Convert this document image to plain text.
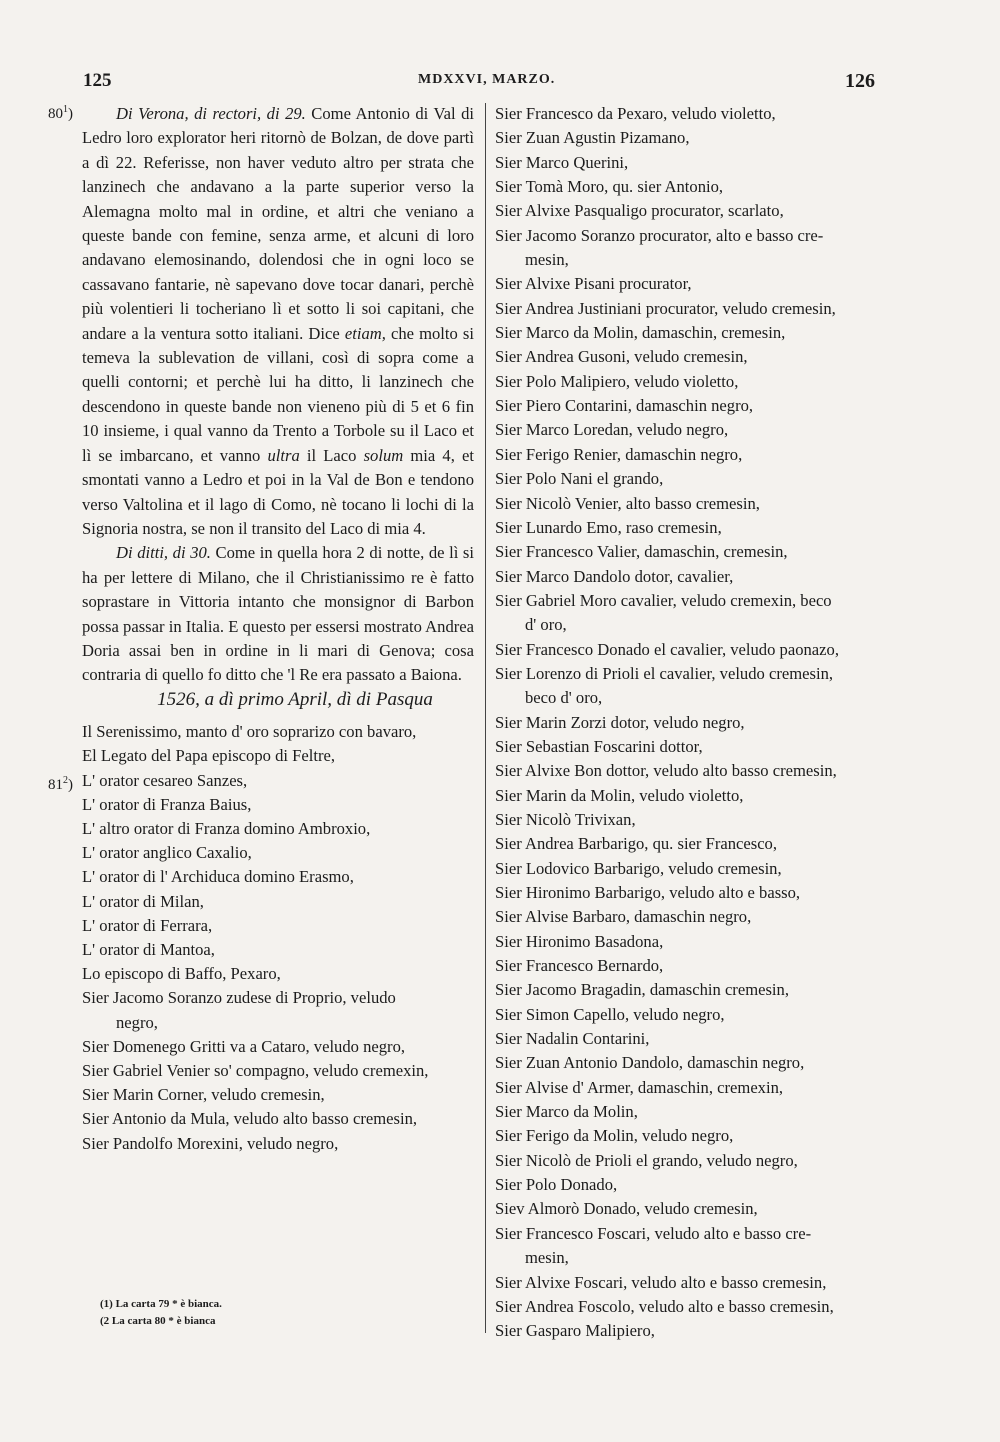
125	MDXXVI, MARZO.	126
$80^1$)
$81^2$)

Di Verona, di rectori, di 29. Come Antonio di Val di Ledro loro explorator heri ritornò de Bolzan, de dove partì a dì 22. Referisse, non haver veduto altro per strata che lanzinech che andavano a la parte superior verso la Alemagna molto mal in ordine, et altri che veniano a queste bande con femine, senza arme, et alcuni di loro andavano elemosinando, dolendosi che in ogni loco se cassavano fantarie, nè sapevano dove tocar danari, perchè più volentieri li tocheriano lì et sotto li soi capitani, che andare a la ventura sotto italiani. Dice etiam, che molto si temeva la sublevation de villani, così di sopra come a quelli contorni; et perchè lui ha ditto, li lanzinech che descendono in queste bande non vieneno più di 5 et 6 fin 10 insieme, i qual vanno da Trento a Torbole su il Laco et lì se imbarcano, et vanno ultra il Laco solum mia 4, et smontati vanno a Ledro et poi in la Val de Bon e tendono verso Valtolina et il lago di Como, nè tocano li lochi di la Signoria nostra, se non il transito del Laco di mia 4.

Di ditti, di 30. Come in quella hora 2 di notte, de lì si ha per lettere di Milano, che il Christianissimo re è fatto soprastare in Vittoria intanto che monsignor di Barbon possa passar in Italia. E questo per essersi mostrato Andrea Doria assai ben in ordine in li mari di Genova; cosa contraria di quello fo ditto che 'l Re era passato a Baiona.

1526, a dì primo April, dì di Pasqua

Il Serenissimo, manto d' oro soprarizo con bavaro,

El Legato del Papa episcopo di Feltre,

L' orator cesareo Sanzes,

L' orator di Franza Baius,

L' altro orator di Franza domino Ambroxio,

L' orator anglico Caxalio,

L' orator di l' Archiduca domino Erasmo,

L' orator di Milan,

L' orator di Ferrara,

L' orator di Mantoa,

Lo episcopo di Baffo, Pexaro,

Sier Jacomo Soranzo zudese di Proprio, veludo

negro,

Sier Domenego Gritti va a Cataro, veludo negro,

Sier Gabriel Venier so' compagno, veludo cremexin,

Sier Marin Corner, veludo cremesin,

Sier Antonio da Mula, veludo alto basso cremesin,

Sier Pandolfo Morexini, veludo negro,

(1) La carta 79 * è bianca.
(2 La carta 80 * è bianca

Sier Francesco da Pexaro, veludo violetto,

Sier Zuan Agustin Pizamano,

Sier Marco Querini,

Sier Tomà Moro, qu. sier Antonio,

Sier Alvixe Pasqualigo procurator, scarlato,

Sier Jacomo Soranzo procurator, alto e basso cre-

mesin,

Sier Alvixe Pisani procurator,

Sier Andrea Justiniani procurator, veludo cremesin,

Sier Marco da Molin, damaschin, cremesin,

Sier Andrea Gusoni, veludo cremesin,

Sier Polo Malipiero, veludo violetto,

Sier Piero Contarini, damaschin negro,

Sier Marco Loredan, veludo negro,

Sier Ferigo Renier, damaschin negro,

Sier Polo Nani el grando,

Sier Nicolò Venier, alto basso cremesin,

Sier Lunardo Emo, raso cremesin,

Sier Francesco Valier, damaschin, cremesin,

Sier Marco Dandolo dotor, cavalier,

Sier Gabriel Moro cavalier, veludo cremexin, beco

d' oro,

Sier Francesco Donado el cavalier, veludo paonazo,

Sier Lorenzo di Prioli el cavalier, veludo cremesin,

beco d' oro,

Sier Marin Zorzi dotor, veludo negro,

Sier Sebastian Foscarini dottor,

Sier Alvixe Bon dottor, veludo alto basso cremesin,

Sier Marin da Molin, veludo violetto,

Sier Nicolò Trivixan,

Sier Andrea Barbarigo, qu. sier Francesco,

Sier Lodovico Barbarigo, veludo cremesin,

Sier Hironimo Barbarigo, veludo alto e basso,

Sier Alvise Barbaro, damaschin negro,

Sier Hironimo Basadona,

Sier Francesco Bernardo,

Sier Jacomo Bragadin, damaschin cremesin,

Sier Simon Capello, veludo negro,

Sier Nadalin Contarini,

Sier Zuan Antonio Dandolo, damaschin negro,

Sier Alvise d' Armer, damaschin, cremexin,

Sier Marco da Molin,

Sier Ferigo da Molin, veludo negro,

Sier Nicolò de Prioli el grando, veludo negro,

Sier Polo Donado,

Siev Almorò Donado, veludo cremesin,

Sier Francesco Foscari, veludo alto e basso cre-

mesin,

Sier Alvixe Foscari, veludo alto e basso cremesin,

Sier Andrea Foscolo, veludo alto e basso cremesin,

Sier Gasparo Malipiero,
